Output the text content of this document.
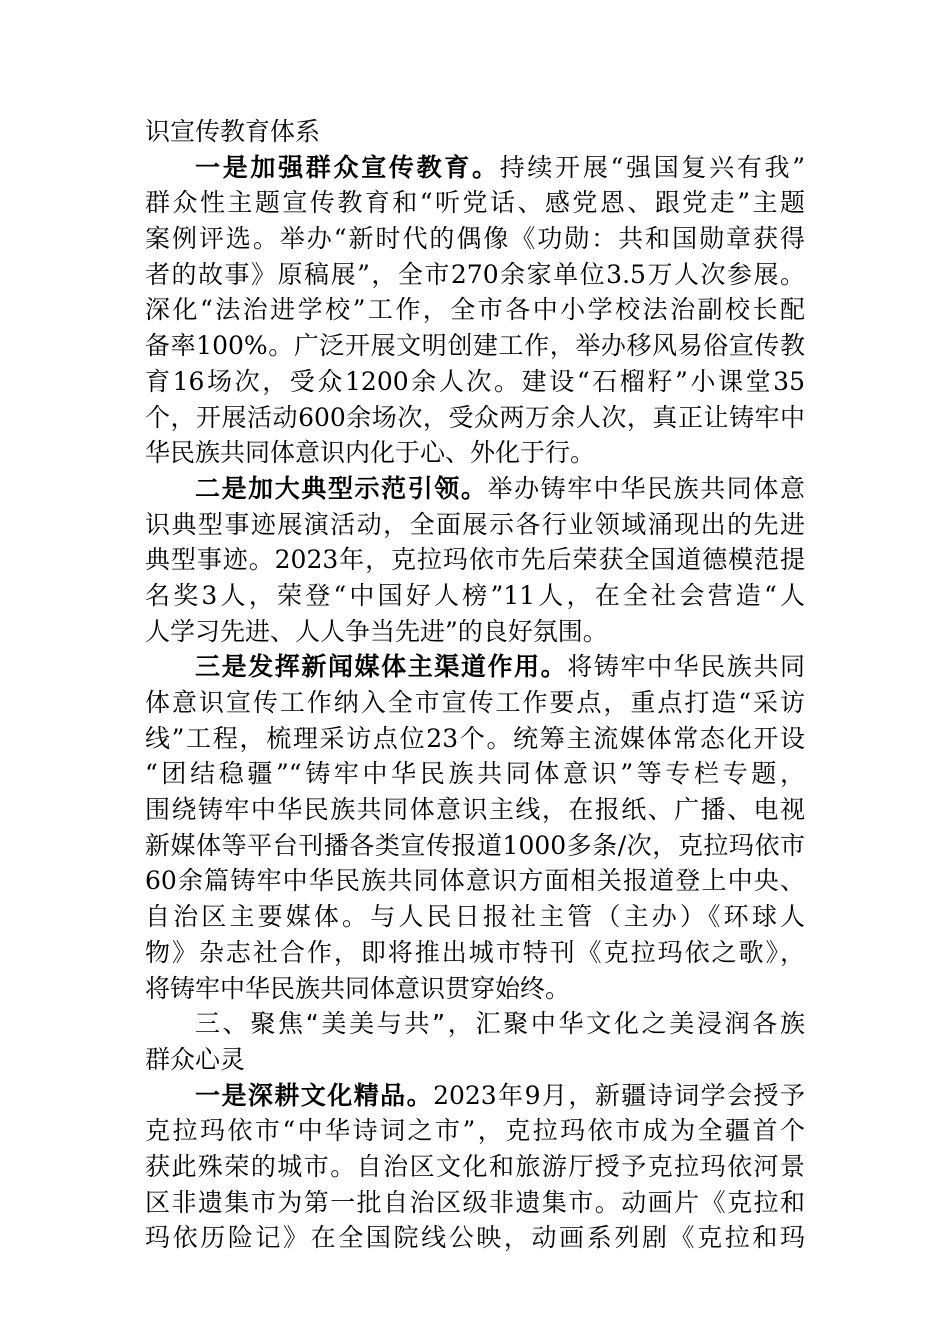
识宣传教育体系
一是加强群众宣传教育。持续开展“强国复兴有我”
群众性主题宣传教育和“听党话、感党恩、跟党走”主题
案例评选。举办“新时代的偶像《功勋：共和国勋章获得
者的故事》原稿展”，全市270余家单位3.5万人次参展。
深化“法治进学校”工作，全市各中小学校法治副校长配
备率100%。广泛开展文明创建工作，举办移风易俗宣传教
育16场次，受众1200余人次。建设“石榴籽”小课堂35
个，开展活动600余场次，受众两万余人次，真正让铸牢中
华民族共同体意识内化于心、外化于行。
二是加大典型示范引领。举办铸牢中华民族共同体意
识典型事迹展演活动，全面展示各行业领域涌现出的先进
典型事迹。2023年，克拉玛依市先后荣获全国道德模范提
名奖3人，荣登“中国好人榜”11人，在全社会营造“人
人学习先进、人人争当先进”的良好氛围。
三是发挥新闻媒体主渠道作用。将铸牢中华民族共同
体意识宣传工作纳入全市宣传工作要点，重点打造“采访
线”工程，梳理采访点位23个。统筹主流媒体常态化开设
“团结稳疆”“铸牢中华民族共同体意识”等专栏专题，
围绕铸牢中华民族共同体意识主线，在报纸、广播、电视
新媒体等平台刊播各类宣传报道1000多条/次，克拉玛依市
60余篇铸牢中华民族共同体意识方面相关报道登上中央、
自治区主要媒体。与人民日报社主管（主办）《环球人
物》杂志社合作，即将推出城市特刊《克拉玛依之歌》，
将铸牢中华民族共同体意识贯穿始终。
三、聚焦“美美与共”，汇聚中华文化之美浸润各族
群众心灵
一是深耕文化精品。2023年9月，新疆诗词学会授予
克拉玛依市“中华诗词之市”，克拉玛依市成为全疆首个
获此殊荣的城市。自治区文化和旅游厅授予克拉玛依河景
区非遗集市为第一批自治区级非遗集市。动画片《克拉和
玛依历险记》在全国院线公映，动画系列剧《克拉和玛
